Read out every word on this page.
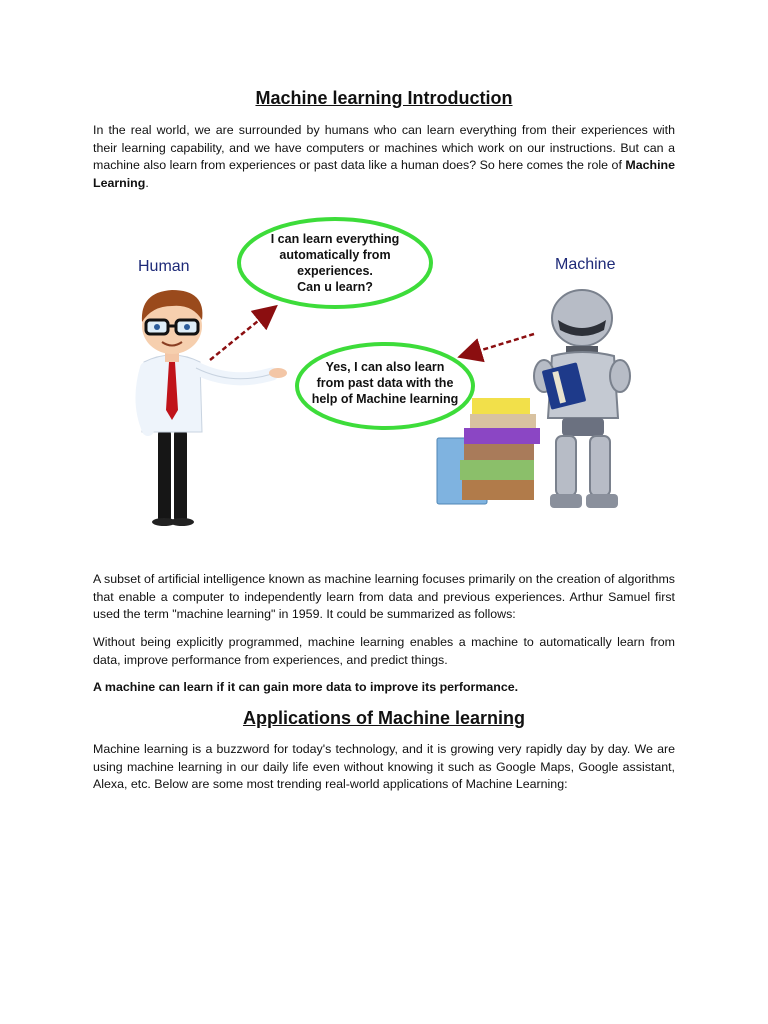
Machine learning Introduction

In the real world, we are surrounded by humans who can learn everything from their experiences with their learning capability, and we have computers or machines which work on our instructions. But can a machine also learn from experiences or past data like a human does? So here comes the role of Machine Learning.

Human	Machine
I can learn everything
automatically from
experiences.
Can u learn?
Yes, I can also learn
from past data with the
help of Machine learning

A subset of artificial intelligence known as machine learning focuses primarily on the creation of algorithms that enable a computer to independently learn from data and previous experiences. Arthur Samuel first used the term "machine learning" in 1959. It could be summarized as follows:

Without being explicitly programmed, machine learning enables a machine to automatically learn from data, improve performance from experiences, and predict things.

A machine can learn if it can gain more data to improve its performance.

Applications of Machine learning

Machine learning is a buzzword for today's technology, and it is growing very rapidly day by day. We are using machine learning in our daily life even without knowing it such as Google Maps, Google assistant, Alexa, etc. Below are some most trending real-world applications of Machine Learning:
